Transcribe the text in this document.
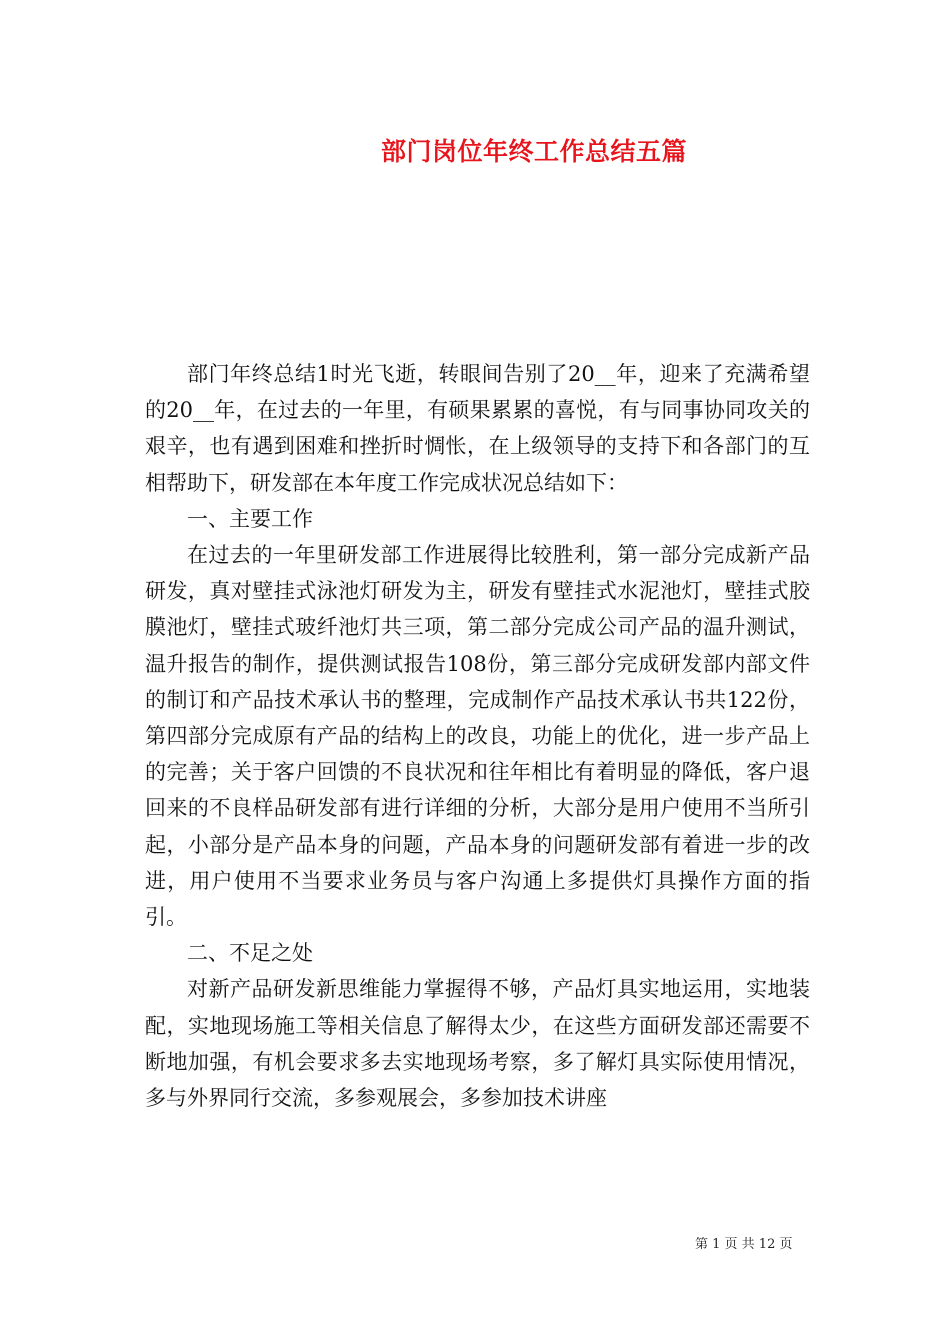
部门岗位年终工作总结五篇

部门年终总结1时光飞逝，转眼间告别了20__年，迎来了充满希望的20__年，在过去的一年里，有硕果累累的喜悦，有与同事协同攻关的艰辛，也有遇到困难和挫折时惆怅，在上级领导的支持下和各部门的互相帮助下，研发部在本年度工作完成状况总结如下：

一、主要工作

在过去的一年里研发部工作进展得比较胜利，第一部分完成新产品研发，真对壁挂式泳池灯研发为主，研发有壁挂式水泥池灯，壁挂式胶膜池灯，壁挂式玻纤池灯共三项，第二部分完成公司产品的温升测试，温升报告的制作，提供测试报告108份，第三部分完成研发部内部文件的制订和产品技术承认书的整理，完成制作产品技术承认书共122份，第四部分完成原有产品的结构上的改良，功能上的优化，进一步产品上的完善；关于客户回馈的不良状况和往年相比有着明显的降低，客户退回来的不良样品研发部有进行详细的分析，大部分是用户使用不当所引起，小部分是产品本身的问题，产品本身的问题研发部有着进一步的改进，用户使用不当要求业务员与客户沟通上多提供灯具操作方面的指引。

二、不足之处

对新产品研发新思维能力掌握得不够，产品灯具实地运用，实地装配，实地现场施工等相关信息了解得太少，在这些方面研发部还需要不断地加强，有机会要求多去实地现场考察，多了解灯具实际使用情况，多与外界同行交流，多参观展会，多参加技术讲座

第 1 页 共 12 页
